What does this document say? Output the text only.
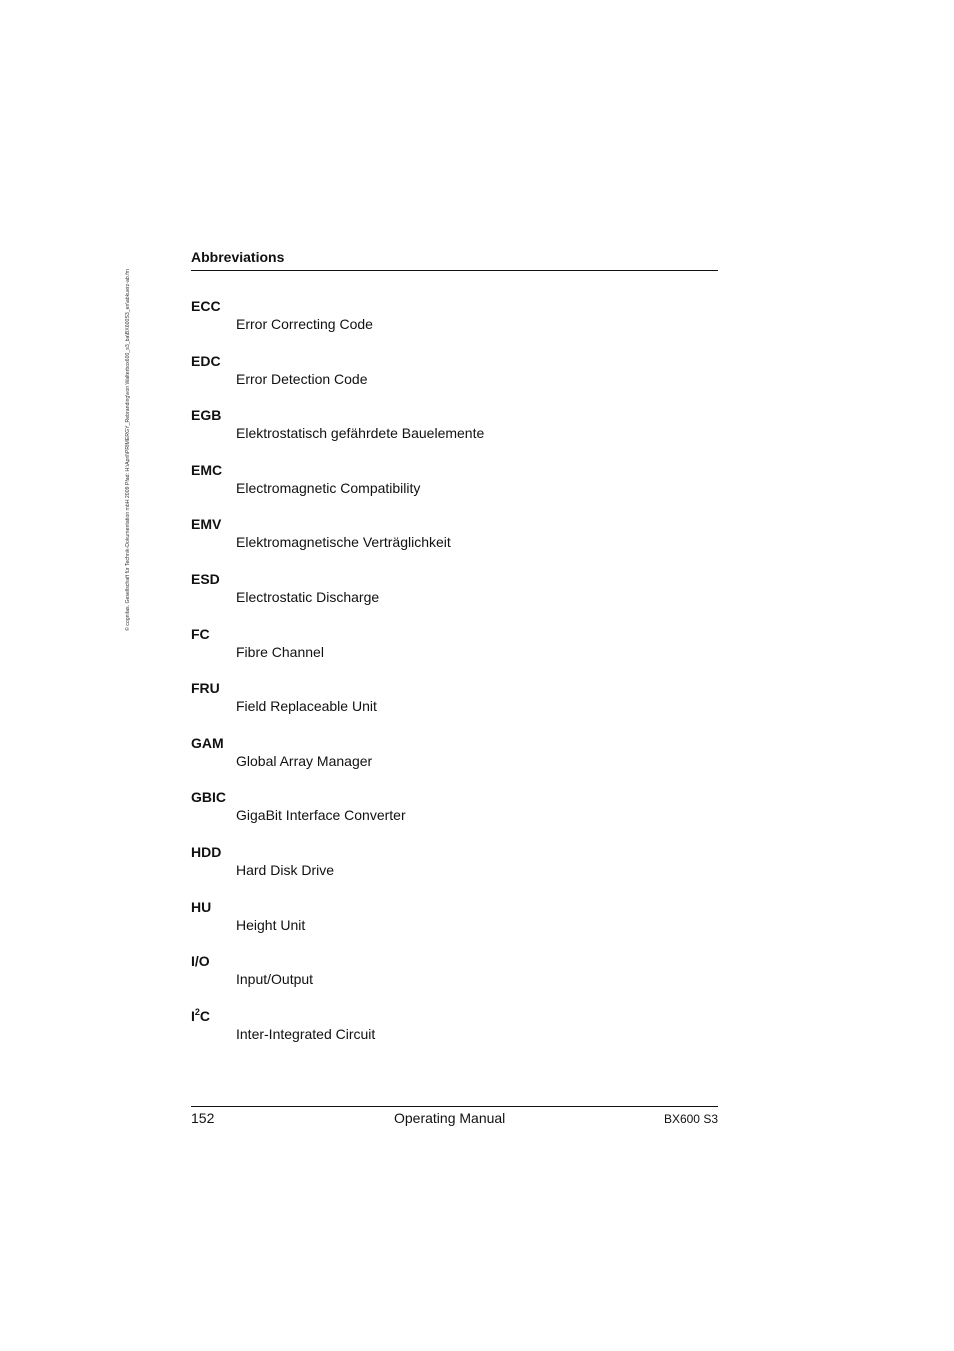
© cognitas. Gesellschaft für Technik-Dokumentation mbH 2009 Pfad: H:\April\PRIMERGY_Rebranding\von Walterbox600_s3_ba\BX600S3_en\abkuerz-ab.fm
Abbreviations
ECC
Error Correcting Code
EDC
Error Detection Code
EGB
Elektrostatisch gefährdete Bauelemente
EMC
Electromagnetic Compatibility
EMV
Elektromagnetische Verträglichkeit
ESD
Electrostatic Discharge
FC
Fibre Channel
FRU
Field Replaceable Unit
GAM
Global Array Manager
GBIC
GigaBit Interface Converter
HDD
Hard Disk Drive
HU
Height Unit
I/O
Input/Output
$I^2C$
Inter-Integrated Circuit
152	Operating Manual	BX600 S3
